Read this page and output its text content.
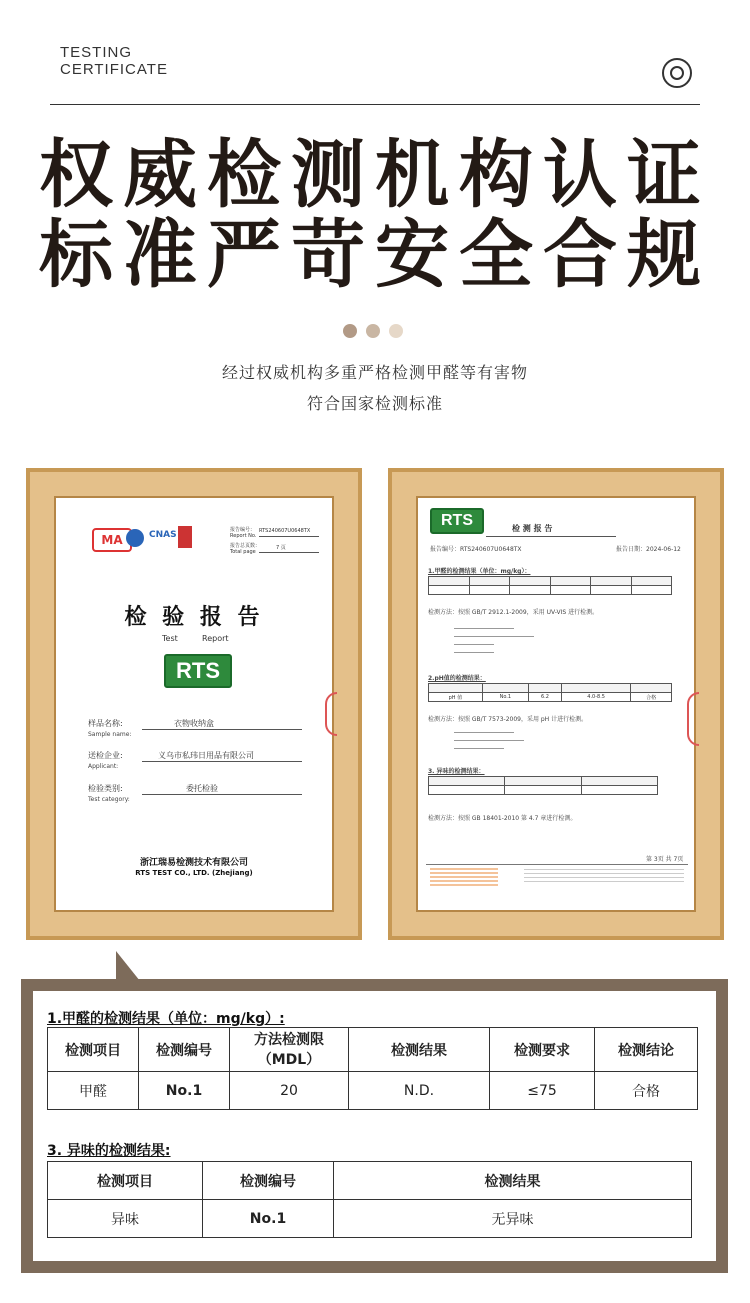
TESTING
CERTIFICATE
权威检测机构认证
标准严苛安全合规
经过权威机构多重严格检测甲醛等有害物
符合国家检测标准
MA	CNAS	报告编号：
Report No.
RTS240607U0648TX
报告总页数：
Total page
7 页
检 验 报 告
Test	Report
RTS
样品名称:
Sample name:
衣物收纳盒
送检企业:
Applicant:
义乌市私玮日用品有限公司
检验类别:
Test category:
委托检验
浙江瑞易检测技术有限公司
RTS TEST CO., LTD. (Zhejiang)
RTS	检 测 报 告
报告编号：RTS240607U0648TX	报告日期：2024-06-12
1.甲醛的检测结果（单位：mg/kg）：

检测方法：按照 GB/T 2912.1-2009，采用 UV-VIS 进行检测。
2.pH值的检测结果：

pH 值	No.1	6.2	4.0-8.5	合格
检测方法：按照 GB/T 7573-2009，采用 pH 计进行检测。
3. 异味的检测结果：

检测方法：按照 GB 18401-2010 第 4.7 章进行检测。
第 3页 共 7页
1.甲醛的检测结果（单位：mg/kg）:
检测项目	检测编号	方法检测限
（MDL）	检测结果	检测要求	检测结论
甲醛	No.1	20	N.D.	≤75	合格
3. 异味的检测结果:
检测项目	检测编号	检测结果
异味	No.1	无异味
